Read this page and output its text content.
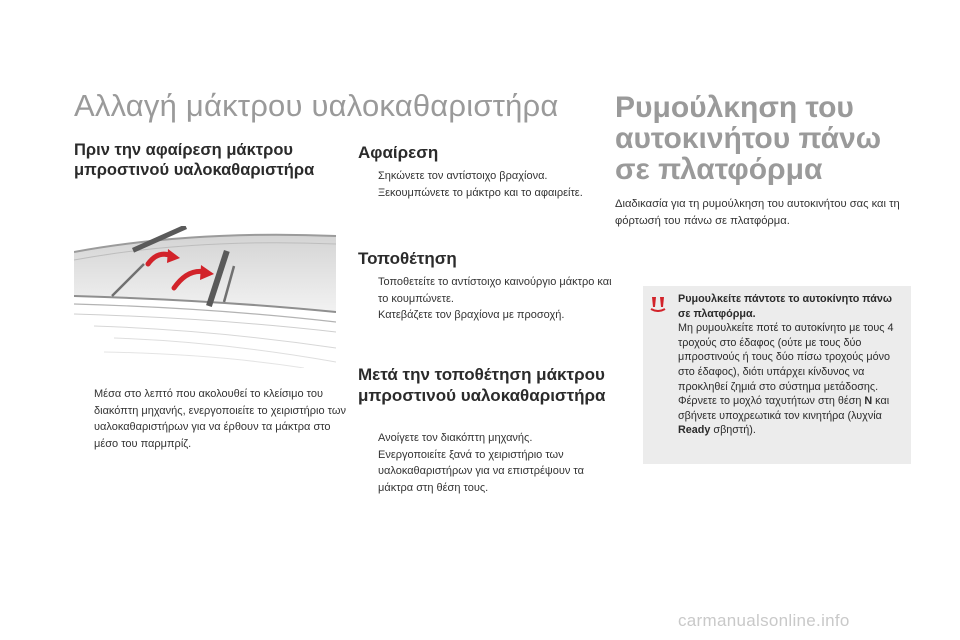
Αλλαγή μάκτρου υαλοκαθαριστήρα
Πριν την αφαίρεση μάκτρου μπροστινού υαλοκαθαριστήρα
Μέσα στο λεπτό που ακολουθεί το κλείσιμο του διακόπτη μηχανής, ενεργοποιείτε το χειριστήριο των υαλοκαθαριστήρων για να έρθουν τα μάκτρα στο μέσο του παρμπρίζ.
Αφαίρεση
Σηκώνετε τον αντίστοιχο βραχίονα.
Ξεκουμπώνετε το μάκτρο και το αφαιρείτε.
Τοποθέτηση
Τοποθετείτε το αντίστοιχο καινούργιο μάκτρο και το κουμπώνετε.
Κατεβάζετε τον βραχίονα με προσοχή.
Μετά την τοποθέτηση μάκτρου μπροστινού υαλοκαθαριστήρα
Ανοίγετε τον διακόπτη μηχανής.
Ενεργοποιείτε ξανά το χειριστήριο των υαλοκαθαριστήρων για να επιστρέψουν τα μάκτρα στη θέση τους.
Ρυμούλκηση του αυτοκινήτου πάνω σε πλατφόρμα

Διαδικασία για τη ρυμούλκηση του αυτοκινήτου σας και τη φόρτωσή του πάνω σε πλατφόρμα.

Ρυμουλκείτε πάντοτε το αυτοκίνητο πάνω σε πλατφόρμα.
Μη ρυμουλκείτε ποτέ το αυτοκίνητο με τους 4 τροχούς στο έδαφος (ούτε με τους δύο μπροστινούς ή τους δύο πίσω τροχούς μόνο στο έδαφος), διότι υπάρχει κίνδυνος να προκληθεί ζημιά στο σύστημα μετάδοσης.
Φέρνετε το μοχλό ταχυτήτων στη θέση N και σβήνετε υποχρεωτικά τον κινητήρα (λυχνία Ready σβηστή).
carmanualsonline.info
